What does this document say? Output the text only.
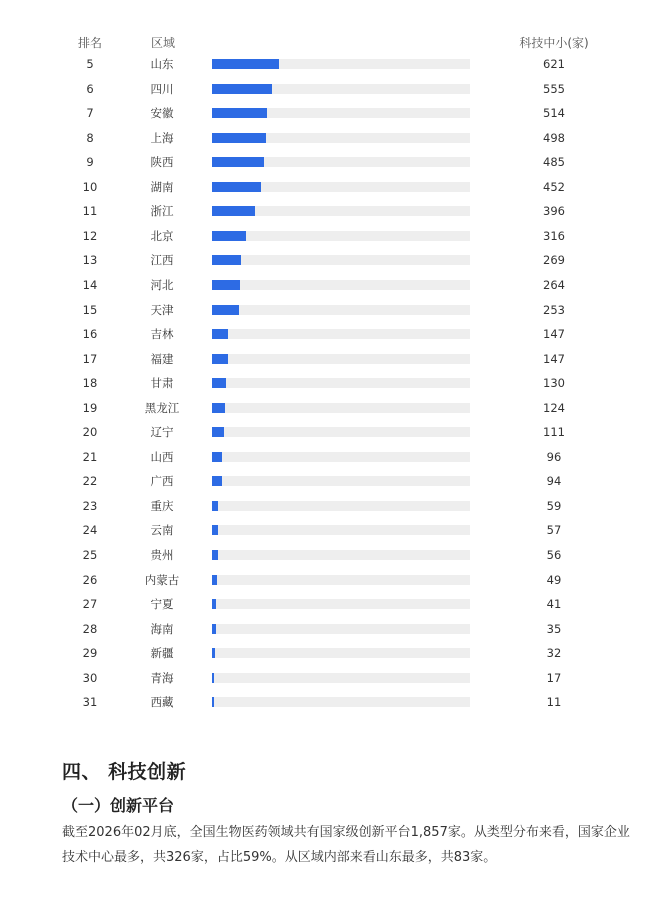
排名	区域	科技中小(家)
5	山东	621
6	四川	555
7	安徽	514
8	上海	498
9	陕西	485
10	湖南	452
11	浙江	396
12	北京	316
13	江西	269
14	河北	264
15	天津	253
16	吉林	147
17	福建	147
18	甘肃	130
19	黑龙江	124
20	辽宁	111
21	山西	96
22	广西	94
23	重庆	59
24	云南	57
25	贵州	56
26	内蒙古	49
27	宁夏	41
28	海南	35
29	新疆	32
30	青海	17
31	西藏	11
四、 科技创新
（一）创新平台

截至2026年02月底，全国生物医药领域共有国家级创新平台1,857家。从类型分布来看，国家企业技术中心最多，共326家，占比59%。从区域内部来看山东最多，共83家。
